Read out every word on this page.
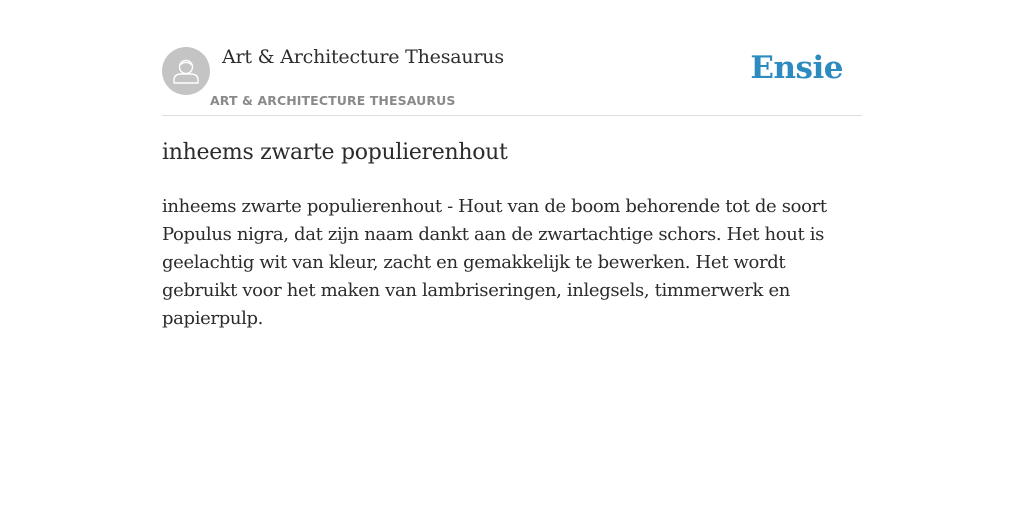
Art & Architecture Thesaurus
ART & ARCHITECTURE THESAURUS
Ensie
inheems zwarte populierenhout

inheems zwarte populierenhout - Hout van de boom behorende tot de soort Populus nigra, dat zijn naam dankt aan de zwartachtige schors. Het hout is geelachtig wit van kleur, zacht en gemakkelijk te bewerken. Het wordt gebruikt voor het maken van lambriseringen, inlegsels, timmerwerk en papierpulp.
